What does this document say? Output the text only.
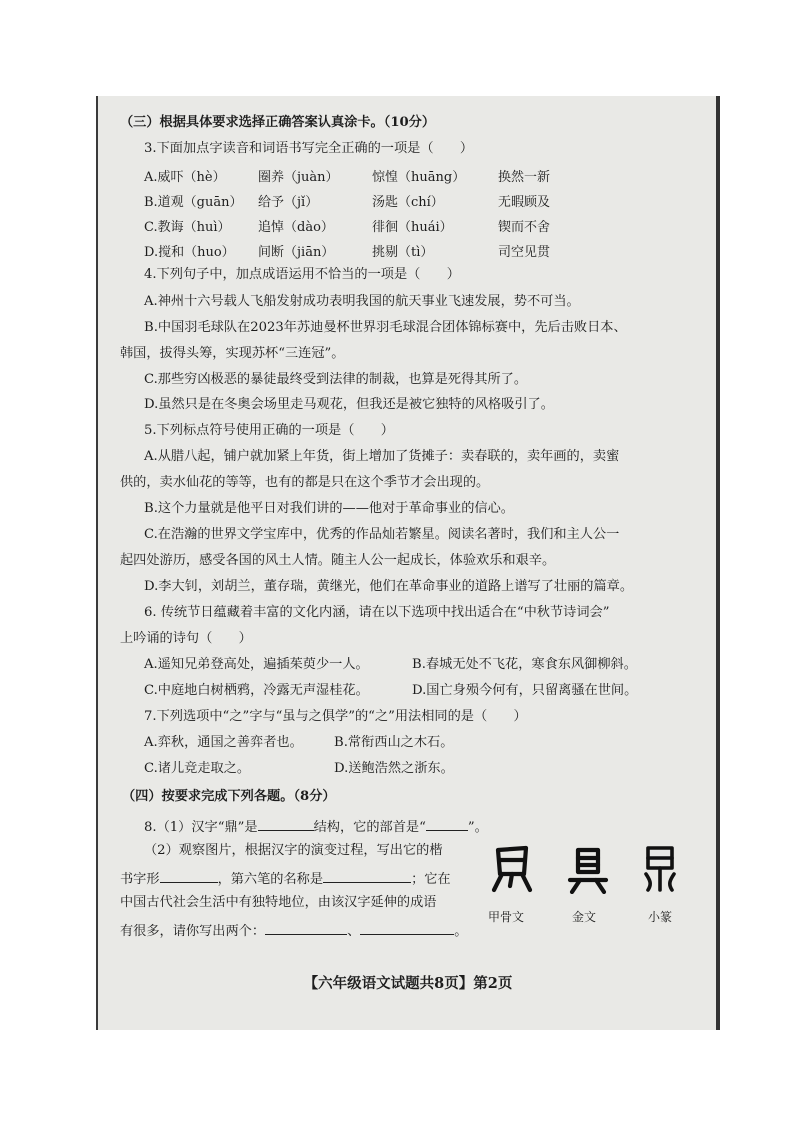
（三）根据具体要求选择正确答案认真涂卡。（10分）
3.下面加点字读音和词语书写完全正确的一项是（　　）
A.威吓（hè） 圈养（juàn）	惊惶（huāng）	换然一新
B.道观（guān） 给予（jǐ）	汤匙（chí）	无暇顾及
C.教诲（huì） 追悼（dào）	徘徊（huái）	锲而不舍
D.搅和（huo） 间断（jiān）	挑剔（tì）	司空见贯
4.下列句子中，加点成语运用不恰当的一项是（　　）
A.神州十六号载人飞船发射成功表明我国的航天事业飞速发展，势不可当。
B.中国羽毛球队在2023年苏迪曼杯世界羽毛球混合团体锦标赛中，先后击败日本、
韩国，拔得头筹，实现苏杯“三连冠”。
C.那些穷凶极恶的暴徒最终受到法律的制裁，也算是死得其所了。
D.虽然只是在冬奥会场里走马观花，但我还是被它独特的风格吸引了。
5.下列标点符号使用正确的一项是（　　）
A.从腊八起，铺户就加紧上年货，街上增加了货摊子：卖春联的，卖年画的，卖蜜
供的，卖水仙花的等等，也有的都是只在这个季节才会出现的。
B.这个力量就是他平日对我们讲的——他对于革命事业的信心。
C.在浩瀚的世界文学宝库中，优秀的作品灿若繁星。阅读名著时，我们和主人公一
起四处游历，感受各国的风土人情。随主人公一起成长，体验欢乐和艰辛。
D.李大钊，刘胡兰，董存瑞，黄继光，他们在革命事业的道路上谱写了壮丽的篇章。
6. 传统节日蕴藏着丰富的文化内涵，请在以下选项中找出适合在“中秋节诗词会”
上吟诵的诗句（　　）
A.遥知兄弟登高处，遍插茱萸少一人。	B.春城无处不飞花，寒食东风御柳斜。
C.中庭地白树栖鸦，冷露无声湿桂花。	D.国亡身殒今何有，只留离骚在世间。
7.下列选项中“之”字与“虽与之俱学”的“之”用法相同的是（　　）
A.弈秋，通国之善弈者也。 B.常衔西山之木石。
C.诸儿竞走取之。	D.送鲍浩然之浙东。
（四）按要求完成下列各题。（8分）
8.（1）汉字“鼎”是	结构，它的部首是“	”。
（2）观察图片，根据汉字的演变过程，写出它的楷
书字形	，第六笔的名称是	；它在
中国古代社会生活中有独特地位，由该汉字延伸的成语
有很多，请你写出两个：	、	。
甲骨文	金文	小篆
【六年级语文试题共8页】第2页
